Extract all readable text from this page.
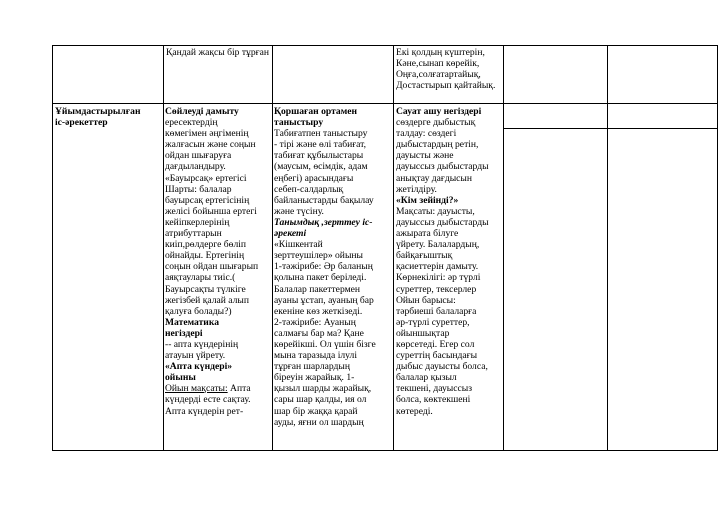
Қандай жақсы бір тұрған	Екі қолдың күштерін,

Кәне,сынап көрейік,

Оңға,солғатартайық,

Достастырып қайтайық.

Ұйымдастырылған

іс-әрекеттер

Сөйлеуді дамыту

ересектердің

көмегімен әңгіменің

жалғасын және соңын

ойдан шығаруға

дағдыландыру.

«Бауырсақ» ертегісі

Шарты: балалар

бауырсақ ертегісінің

желісі бойынша ертегі

кейіпкерлерінің

атрибуттарын

киіп,рөлдерге бөліп

ойнайды. Ертегінің

соңын ойдан шығарып

аяқтаулары тиіс.(

Бауырсақты түлкіге

жегізбей қалай алып

қалуға болады?)

Математика

негіздері

-- апта күндерінің

атауын үйрету.

«Апта күндері»

ойыны

Ойын мақсаты: Апта

күндерді есте сақтау.

Апта күндерін рет-

Қоршаған ортамен

таныстыру

Табиғатпен таныстыру

- тірі және өлі табиғат,

табиғат құбылыстары

(маусым, өсімдік, адам

еңбегі) арасындағы

себеп-салдарлық

байланыстарды бақылау

және түсіну.

Танымдық ,зерттеу іс-

әрекеті

«Кішкентай

зерттеушілер» ойыны

1-тәжірибе: Әр баланың

қолына пакет беріледі.

Балалар пакеттермен

ауаны ұстап, ауаның бар

екеніне көз жеткізеді.

2-тәжірибе: Ауаның

салмағы бар ма? Қане

көрейікші. Ол үшін бізге

мына таразыда ілулі

тұрған шарлардың

біреуін жарайық. 1-

қызыл шарды жарайық,

сары шар қалды, ия ол

шар бір жаққа қарай

ауды, яғни ол шардың

Сауат ашу негіздері

сөздерге дыбыстық

талдау: сөздегі

дыбыстардың ретін,

дауысты және

дауыссыз дыбыстарды

анықтау дағдысын

жетілдіру.

«Кім зейінді?»

Мақсаты: дауысты,

дауыссыз дыбыстарды

ажырата білуге

үйрету. Балалардың,

байқағыштық

қасиеттерін дамыту.

Көрнекілігі: әр түрлі

суреттер, тексерлер

Ойын барысы:

тәрбиеші балаларға

әр-түрлі суреттер,

ойыншықтар

көрсетеді. Егер сол

суреттің басындағы

дыбыс дауысты болса,

балалар қызыл

текшені, дауыссыз

болса, көктекшені

көтереді.
